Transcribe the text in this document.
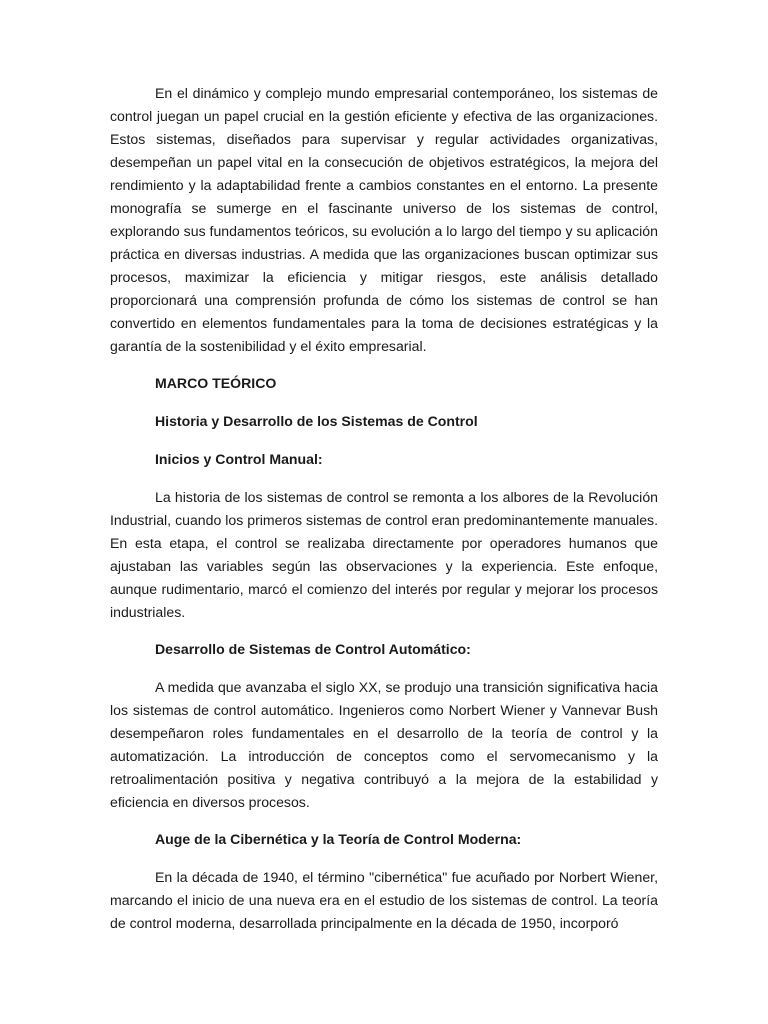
En el dinámico y complejo mundo empresarial contemporáneo, los sistemas de control juegan un papel crucial en la gestión eficiente y efectiva de las organizaciones. Estos sistemas, diseñados para supervisar y regular actividades organizativas, desempeñan un papel vital en la consecución de objetivos estratégicos, la mejora del rendimiento y la adaptabilidad frente a cambios constantes en el entorno. La presente monografía se sumerge en el fascinante universo de los sistemas de control, explorando sus fundamentos teóricos, su evolución a lo largo del tiempo y su aplicación práctica en diversas industrias. A medida que las organizaciones buscan optimizar sus procesos, maximizar la eficiencia y mitigar riesgos, este análisis detallado proporcionará una comprensión profunda de cómo los sistemas de control se han convertido en elementos fundamentales para la toma de decisiones estratégicas y la garantía de la sostenibilidad y el éxito empresarial.

MARCO TEÓRICO

Historia y Desarrollo de los Sistemas de Control

Inicios y Control Manual:

La historia de los sistemas de control se remonta a los albores de la Revolución Industrial, cuando los primeros sistemas de control eran predominantemente manuales. En esta etapa, el control se realizaba directamente por operadores humanos que ajustaban las variables según las observaciones y la experiencia. Este enfoque, aunque rudimentario, marcó el comienzo del interés por regular y mejorar los procesos industriales.

Desarrollo de Sistemas de Control Automático:

A medida que avanzaba el siglo XX, se produjo una transición significativa hacia los sistemas de control automático. Ingenieros como Norbert Wiener y Vannevar Bush desempeñaron roles fundamentales en el desarrollo de la teoría de control y la automatización. La introducción de conceptos como el servomecanismo y la retroalimentación positiva y negativa contribuyó a la mejora de la estabilidad y eficiencia en diversos procesos.

Auge de la Cibernética y la Teoría de Control Moderna:

En la década de 1940, el término "cibernética" fue acuñado por Norbert Wiener, marcando el inicio de una nueva era en el estudio de los sistemas de control. La teoría de control moderna, desarrollada principalmente en la década de 1950, incorporó
